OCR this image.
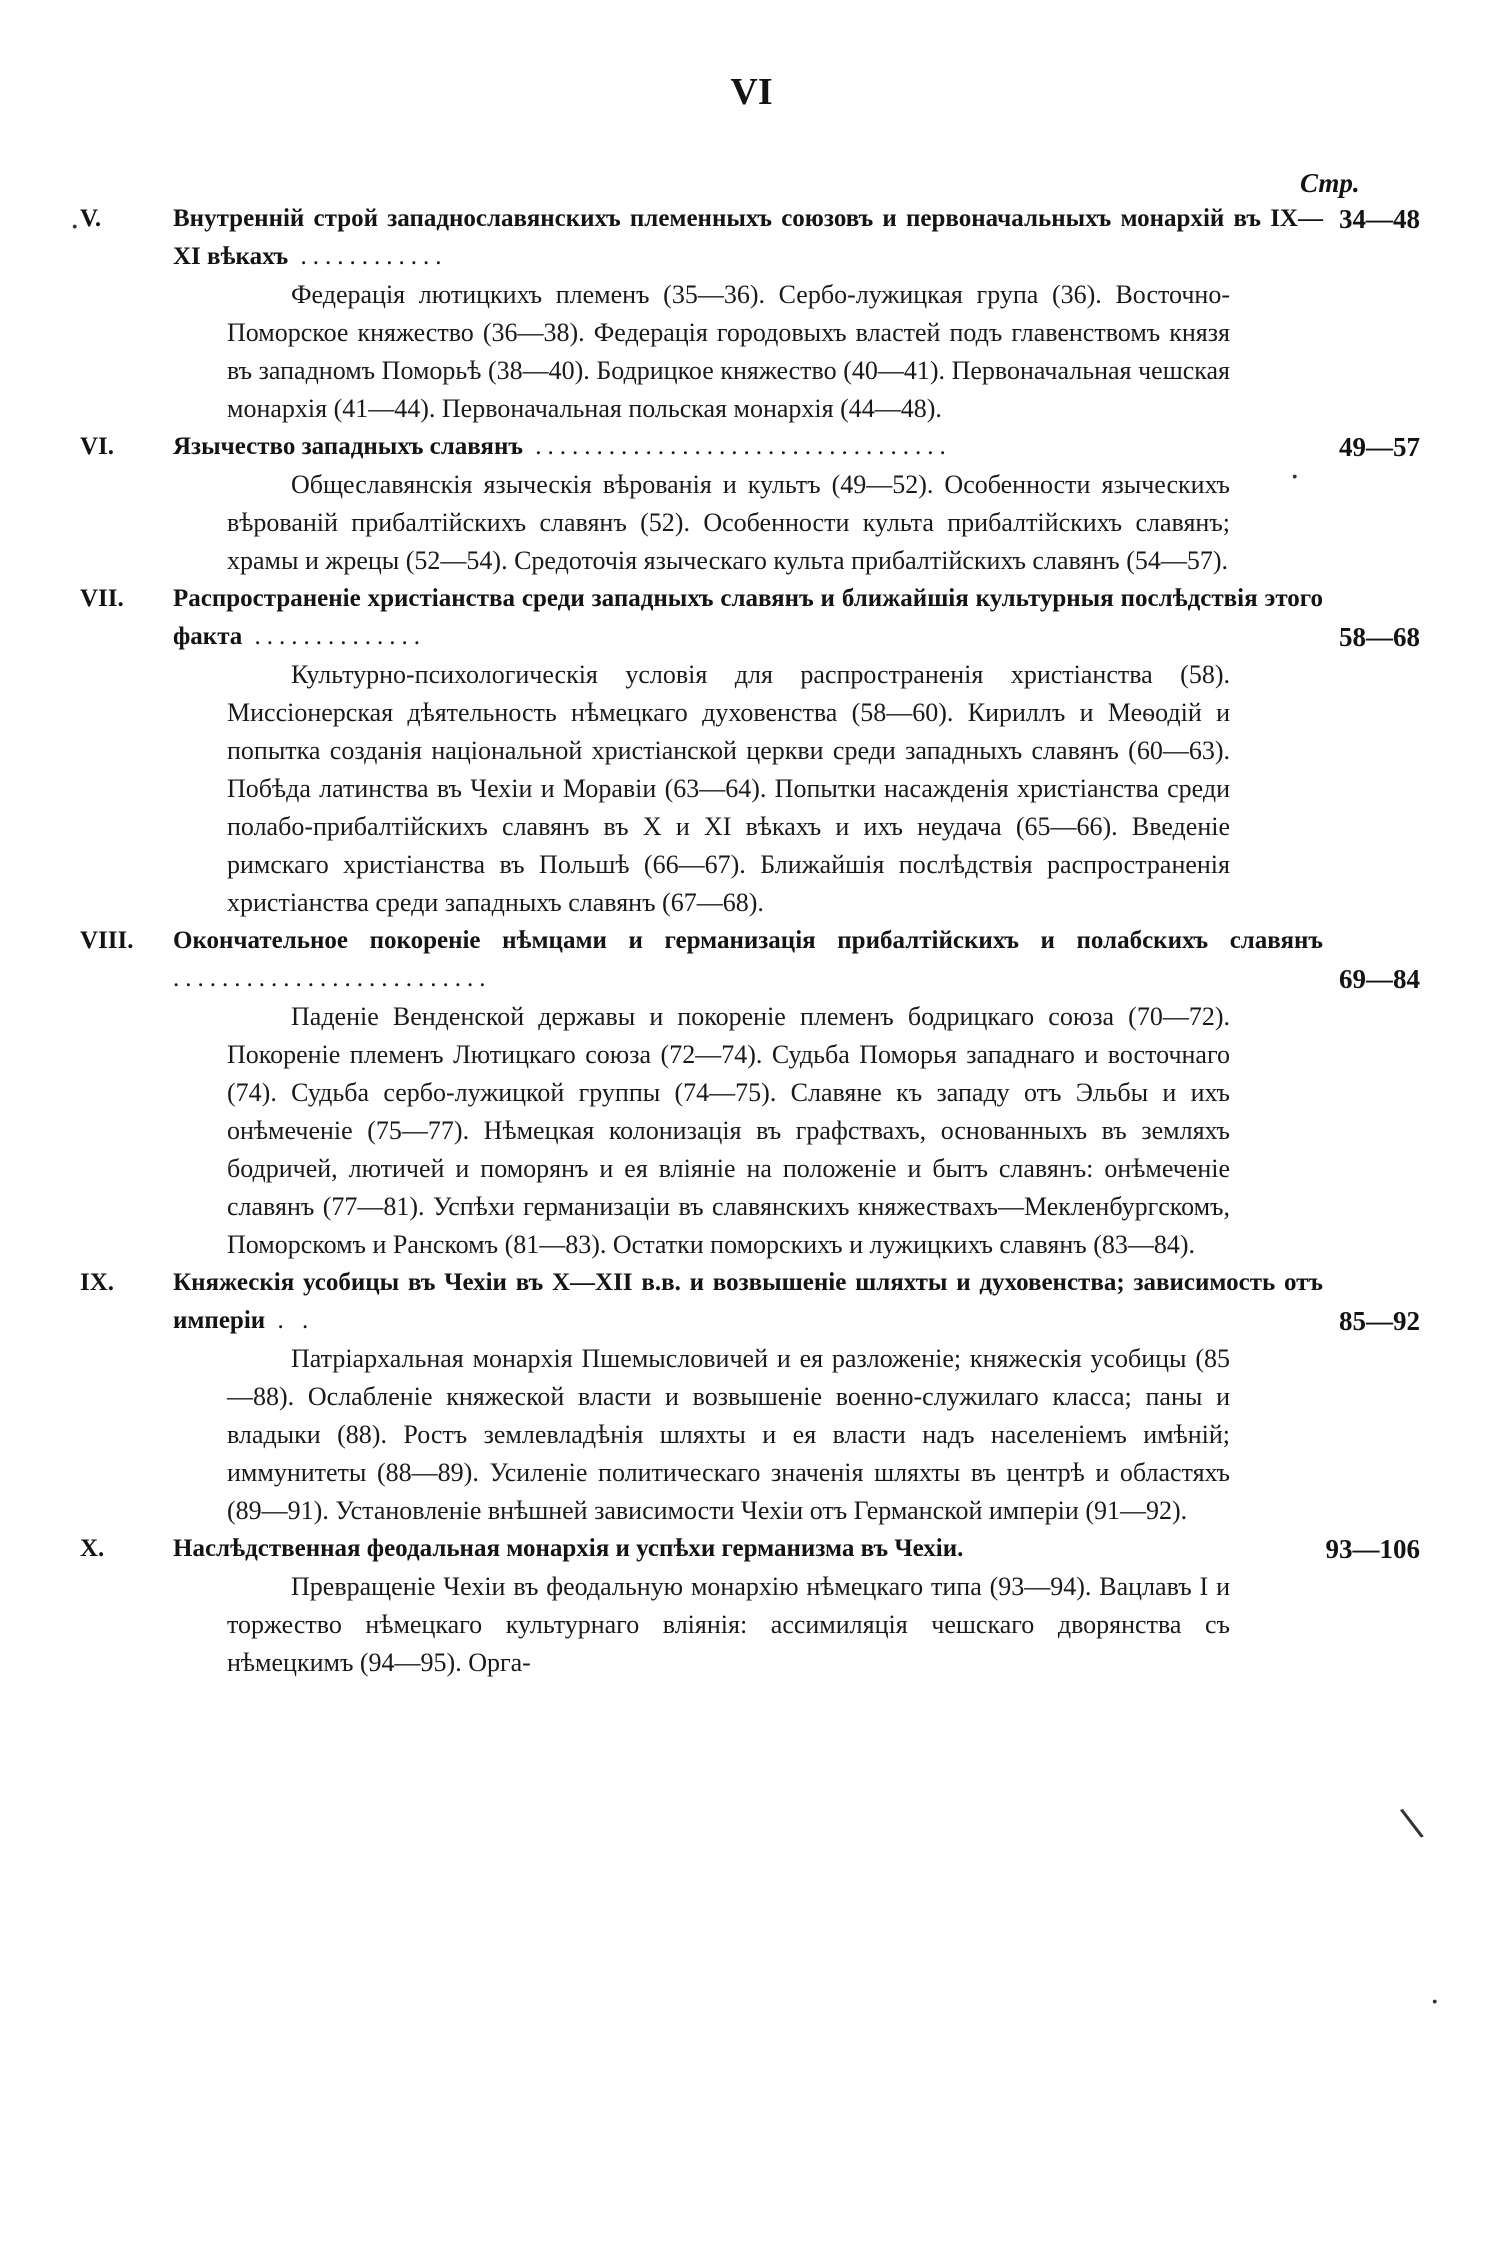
VI
Стр.
34—48
V.	Внутренній строй западнославянскихъ племенныхъ союзовъ и первоначальныхъ монархій въ IX—XI вѣкахъ ............
Федерація лютицкихъ племенъ (35—36). Сербо-лужицкая група (36). Восточно-Поморское княжество (36—38). Федерація городовыхъ властей подъ главенствомъ князя въ западномъ Поморьѣ (38—40). Бодрицкое княжество (40—41). Первоначальная чешская монархія (41—44). Первоначальная польская монархія (44—48).
49—57
VI. Язычество западныхъ славянъ ..................................
Общеславянскія языческія вѣрованія и культъ (49—52). Особенности языческихъ вѣрованій прибалтійскихъ славянъ (52). Особенности культа прибалтійскихъ славянъ; храмы и жрецы (52—54). Средоточія языческаго культа прибалтійскихъ славянъ (54—57).
58—68
VII. Распространеніе христіанства среди западныхъ славянъ и ближайшія культурныя послѣдствія этого факта ..............
Культурно-психологическія условія для распространенія христіанства (58). Миссіонерская дѣятельность нѣмецкаго духовенства (58—60). Кириллъ и Меѳодій и попытка созданія національной христіанской церкви среди западныхъ славянъ (60—63). Побѣда латинства въ Чехіи и Моравіи (63—64). Попытки насажденія христіанства среди полабо-прибалтійскихъ славянъ въ X и XI вѣкахъ и ихъ неудача (65—66). Введеніе римскаго христіанства въ Польшѣ (66—67). Ближайшія послѣдствія распространенія христіанства среди западныхъ славянъ (67—68).
69—84
VIII. Окончательное покореніе нѣмцами и германизація прибалтійскихъ и полабскихъ славянъ ..........................
Паденіе Венденской державы и покореніе племенъ бодрицкаго союза (70—72). Покореніе племенъ Лютицкаго союза (72—74). Судьба Поморья западнаго и восточнаго (74). Судьба сербо-лужицкой группы (74—75). Славяне къ западу отъ Эльбы и ихъ онѣмеченіе (75—77). Нѣмецкая колонизація въ графствахъ, основанныхъ въ земляхъ бодричей, лютичей и поморянъ и ея вліяніе на положеніе и бытъ славянъ: онѣмеченіе славянъ (77—81). Успѣхи германизаціи въ славянскихъ княжествахъ—Мекленбургскомъ, Поморскомъ и Ранскомъ (81—83). Остатки поморскихъ и лужицкихъ славянъ (83—84).
85—92
IX. Княжескія усобицы въ Чехіи въ X—XII в.в. и возвышеніе шляхты и духовенства; зависимость отъ имперіи . .
Патріархальная монархія Пшемысловичей и ея разложеніе; княжескія усобицы (85—88). Ослабленіе княжеской власти и возвышеніе военно-служилаго класса; паны и владыки (88). Ростъ землевладѣнія шляхты и ея власти надъ населеніемъ имѣній; иммунитеты (88—89). Усиленіе политическаго значенія шляхты въ центрѣ и областяхъ (89—91). Установленіе внѣшней зависимости Чехіи отъ Германской имперіи (91—92).
93—106
X.	Наслѣдственная феодальная монархія и успѣхи германизма въ Чехіи.
Превращеніе Чехіи въ феодальную монархію нѣмецкаго типа (93—94). Вацлавъ I и торжество нѣмецкаго культурнаго вліянія: ассимиляція чешскаго дворянства съ нѣмецкимъ (94—95). Орга-
·
·
\
·
